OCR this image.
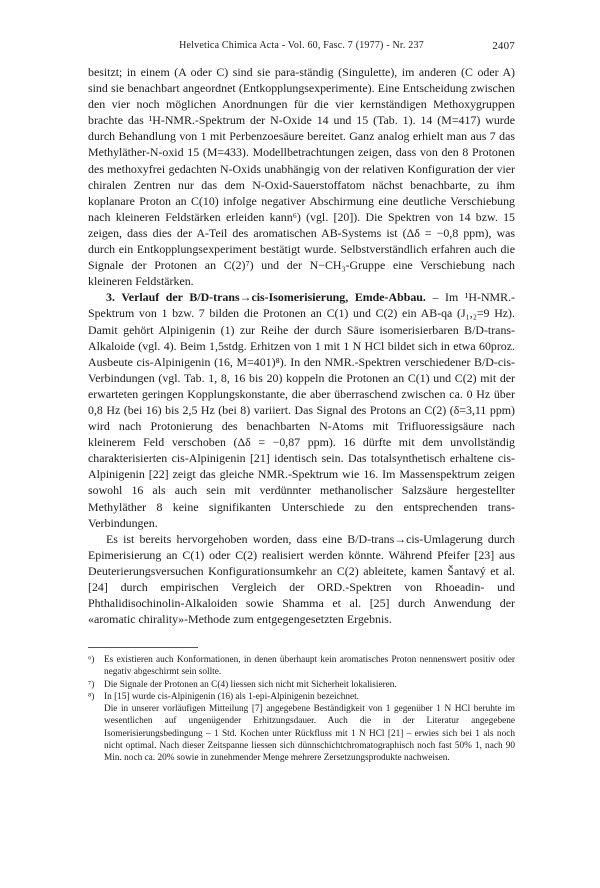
Helvetica Chimica Acta - Vol. 60, Fasc. 7 (1977) - Nr. 237	2407

besitzt; in einem (A oder C) sind sie para-ständig (Singulette), im anderen (C oder A) sind sie benachbart angeordnet (Entkopplungsexperimente). Eine Entscheidung zwischen den vier noch möglichen Anordnungen für die vier kernständigen Methoxygruppen brachte das ¹H-NMR.-Spektrum der N-Oxide 14 und 15 (Tab. 1). 14 (M=417) wurde durch Behandlung von 1 mit Perbenzoesäure bereitet. Ganz analog erhielt man aus 7 das Methyläther-N-oxid 15 (M=433). Modellbetrachtungen zeigen, dass von den 8 Protonen des methoxyfrei gedachten N-Oxids unabhängig von der relativen Konfiguration der vier chiralen Zentren nur das dem N-Oxid-Sauerstoffatom nächst benachbarte, zu ihm koplanare Proton an C(10) infolge negativer Abschirmung eine deutliche Verschiebung nach kleineren Feldstärken erleiden kann⁶) (vgl. [20]). Die Spektren von 14 bzw. 15 zeigen, dass dies der A-Teil des aromatischen AB-Systems ist (Δδ = −0,8 ppm), was durch ein Entkopplungsexperiment bestätigt wurde. Selbstverständlich erfahren auch die Signale der Protonen an C(2)⁷) und der N−CH₃-Gruppe eine Verschiebung nach kleineren Feldstärken.

3. Verlauf der B/D-trans→cis-Isomerisierung, Emde-Abbau. – Im ¹H-NMR.-Spektrum von 1 bzw. 7 bilden die Protonen an C(1) und C(2) ein AB-qa (J₁,₂=9 Hz). Damit gehört Alpinigenin (1) zur Reihe der durch Säure isomerisierbaren B/D-trans-Alkaloide (vgl. 4). Beim 1,5stdg. Erhitzen von 1 mit 1 N HCl bildet sich in etwa 60proz. Ausbeute cis-Alpinigenin (16, M=401)⁸). In den NMR.-Spektren verschiedener B/D-cis-Verbindungen (vgl. Tab. 1, 8, 16 bis 20) koppeln die Protonen an C(1) und C(2) mit der erwarteten geringen Kopplungskonstante, die aber überraschend zwischen ca. 0 Hz über 0,8 Hz (bei 16) bis 2,5 Hz (bei 8) variiert. Das Signal des Protons an C(2) (δ=3,11 ppm) wird nach Protonierung des benachbarten N-Atoms mit Trifluoressigsäure nach kleinerem Feld verschoben (Δδ = −0,87 ppm). 16 dürfte mit dem unvollständig charakterisierten cis-Alpinigenin [21] identisch sein. Das totalsynthetisch erhaltene cis-Alpinigenin [22] zeigt das gleiche NMR.-Spektrum wie 16. Im Massenspektrum zeigen sowohl 16 als auch sein mit verdünnter methanolischer Salzsäure hergestellter Methyläther 8 keine signifikanten Unterschiede zu den entsprechenden trans-Verbindungen.

Es ist bereits hervorgehoben worden, dass eine B/D-trans→cis-Umlagerung durch Epimerisierung an C(1) oder C(2) realisiert werden könnte. Während Pfeifer [23] aus Deuterierungsversuchen Konfigurationsumkehr an C(2) ableitete, kamen Šantavý et al. [24] durch empirischen Vergleich der ORD.-Spektren von Rhoeadin- und Phthalidisochinolin-Alkaloiden sowie Shamma et al. [25] durch Anwendung der «aromatic chirality»-Methode zum entgegengesetzten Ergebnis.

⁶)	Es existieren auch Konformationen, in denen überhaupt kein aromatisches Proton nennenswert positiv oder negativ abgeschirmt sein sollte.
⁷)	Die Signale der Protonen an C(4) liessen sich nicht mit Sicherheit lokalisieren.
⁸)	In [15] wurde cis-Alpinigenin (16) als 1-epi-Alpinigenin bezeichnet.
Die in unserer vorläufigen Mitteilung [7] angegebene Beständigkeit von 1 gegenüber 1 N HCl beruhte im wesentlichen auf ungenügender Erhitzungsdauer. Auch die in der Literatur angegebene Isomerisierungsbedingung – 1 Std. Kochen unter Rückfluss mit 1 N HCl [21] – erwies sich bei 1 als noch nicht optimal. Nach dieser Zeitspanne liessen sich dünnschichtchromatographisch noch fast 50% 1, nach 90 Min. noch ca. 20% sowie in zunehmender Menge mehrere Zersetzungsprodukte nachweisen.
